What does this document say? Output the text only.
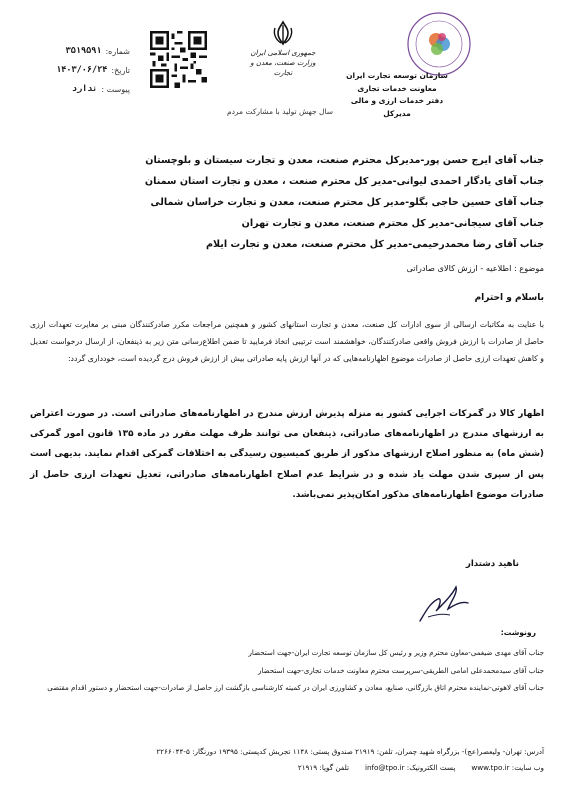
سازمان توسعه تجارت ایران
معاونت خدمات تجاری
دفتر خدمات ارزی و مالی
مدیرکل
جمهوری اسلامی ایران
وزارت صنعت، معدن و تجارت
سال جهش تولید با مشارکت مردم
شماره:
۳۵۱۹۵۹۱
تاریخ:
۱۴۰۳/۰۶/۲۴
پیوست :
ندارد
جناب آقای ایرج حسن پور-مدیرکل محترم صنعت، معدن و تجارت سیستان و بلوچستان
جناب آقای یادگار احمدی لیوانی-مدیر کل محترم صنعت ، معدن و تجارت استان سمنان
جناب آقای حسین حاجی بگلو-مدیر کل محترم صنعت، معدن و تجارت خراسان شمالی
جناب آقای سیجانی-مدیر کل محترم صنعت، معدن و تجارت تهران
جناب آقای رضا محمدرحیمی-مدیر کل محترم صنعت، معدن و تجارت ایلام
موضوع : اطلاعیه - ارزش کالای صادراتی
باسلام و احترام
با عنایت به مکاتبات ارسالی از سوی ادارات کل صنعت، معدن و تجارت استانهای کشور و همچنین مراجعات مکرر صادرکنندگان مبنی بر مغایرت تعهدات ارزی حاصل از صادرات با ارزش فروش واقعی صادرکنندگان، خواهشمند است ترتیبی اتخاذ فرمایید تا ضمن اطلاع‌رسانی متن زیر به ذینفعان، از ارسال درخواست تعدیل و کاهش تعهدات ارزی حاصل از صادرات موضوع اظهارنامه‌هایی که در آنها ارزش پایه صادراتی بیش از ارزش فروش درج گردیده است، خودداری گردد:
اظهار کالا در گمرکات اجرایی کشور به منزله پذیرش ارزش مندرج در اظهارنامه‌های صادراتی است. در صورت اعتراض به ارزشهای مندرج در اظهارنامه‌های صادراتی، ذینفعان می توانند ظرف مهلت مقرر در ماده ۱۳۵ قانون امور گمرکی (شش ماه) به منظور اصلاح ارزشهای مذکور از طریق کمیسیون رسیدگی به اختلافات گمرکی اقدام نمایند. بدیهی است پس از سپری شدن مهلت یاد شده و در شرایط عدم اصلاح اظهارنامه‌های صادراتی، تعدیل تعهدات ارزی حاصل از صادرات موضوع اظهارنامه‌های مذکور امکان‌پذیر نمی‌باشد.
ناهید دشتدار
رونوشت:

جناب آقای مهدی ضیغمی-معاون محترم وزیر و رئیس کل سازمان توسعه تجارت ایران-جهت استحضار

جناب آقای سیدمحمدعلی امامی الطریقی-سرپرست محترم معاونت خدمات تجاری-جهت استحضار

جناب آقای لاهوتی-نماینده محترم اتاق بازرگانی، صنایع، معادن و کشاورزی ایران در کمیته کارشناسی بازگشت ارز حاصل از صادرات-جهت استحضار و دستور اقدام مقتضی

آدرس: تهران- ولیعصر(عج)- بزرگراه شهید چمران، تلفن: ۲۱۹۱۹ صندوق پستی: ۱۱۴۸ تجریش کدپستی: ۱۹۳۹۵ دورنگار: ۵-۲۲۶۶۰۴۴
وب سایت: www.tpo.ir
پست الکترونیک: info@tpo.ir
تلفن گویا: ۲۱۹۱۹
